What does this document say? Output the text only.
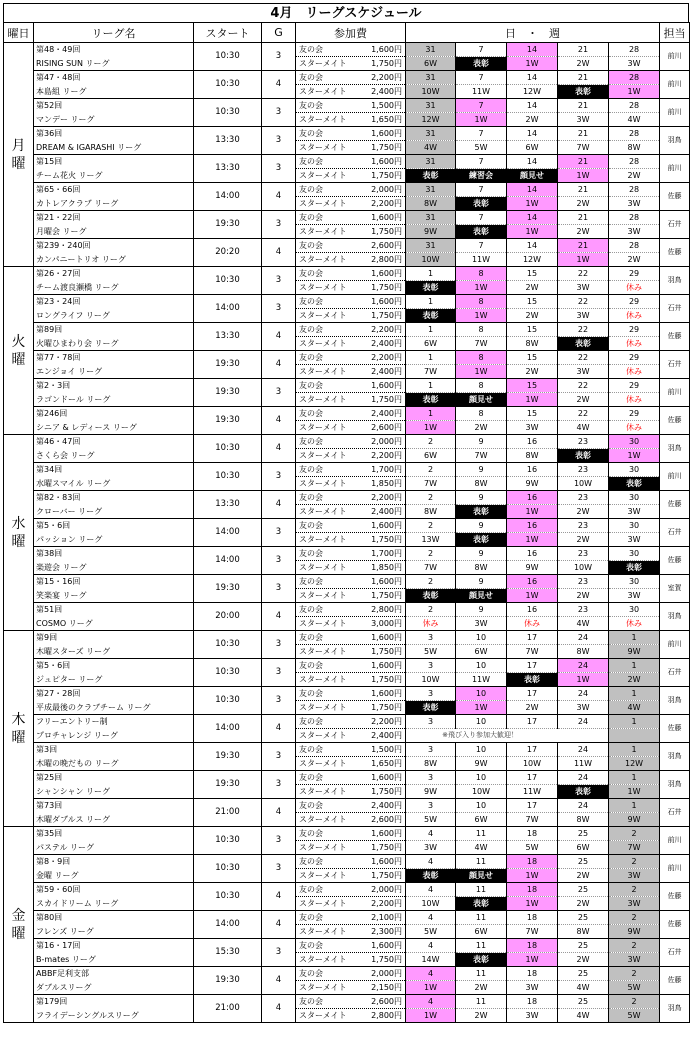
4月　リーグスケジュール
曜日	リーグ名	スタート	G	参加費	日　・　週					担当
月
曜	第48・49回	10:30	3	友の会 1,600円	31	7	14	21	28	前川
	RISING SUN リーグ			スターメイト 1,750円	6W	表彰	1W	2W	3W	
	第47・48回	10:30	4	友の会 2,200円	31	7	14	21	28	前川
	本島組 リーグ			スターメイト 2,400円	10W	11W	12W	表彰	1W	
	第52回	10:30	3	友の会 1,500円	31	7	14	21	28	前川
	マンデー リーグ			スターメイト 1,650円	12W	1W	2W	3W	4W	
	第36回	13:30	3	友の会 1,600円	31	7	14	21	28	羽鳥
	DREAM & IGARASHI リーグ			スターメイト 1,750円	4W	5W	6W	7W	8W	
	第15回	13:30	3	友の会 1,600円	31	7	14	21	28	前川
	チーム花火 リーグ			スターメイト 1,750円	表彰	練習会	顔見せ	1W	2W	
	第65・66回	14:00	4	友の会 2,000円	31	7	14	21	28	佐藤
	カトレアクラブ リーグ			スターメイト 2,200円	8W	表彰	1W	2W	3W	
	第21・22回	19:30	3	友の会 1,600円	31	7	14	21	28	石井
	月曜会 リーグ			スターメイト 1,750円	9W	表彰	1W	2W	3W	
	第239・240回	20:20	4	友の会 2,600円	31	7	14	21	28	佐藤
	カンパニートリオ リーグ			スターメイト 2,800円	10W	11W	12W	1W	2W	
火
曜	第26・27回	10:30	3	友の会 1,600円	1	8	15	22	29	羽鳥
	チーム渡良瀬橋 リーグ			スターメイト 1,750円	表彰	1W	2W	3W	休み	
	第23・24回	14:00	3	友の会 1,600円	1	8	15	22	29	石井
	ロングライフ リーグ			スターメイト 1,750円	表彰	1W	2W	3W	休み	
	第89回	13:30	4	友の会 2,200円	1	8	15	22	29	佐藤
	火曜ひまわり会 リーグ			スターメイト 2,400円	6W	7W	8W	表彰	休み	
	第77・78回	19:30	4	友の会 2,200円	1	8	15	22	29	石井
	エンジョイ リーグ			スターメイト 2,400円	7W	1W	2W	3W	休み	
	第2・3回	19:30	3	友の会 1,600円	1	8	15	22	29	前川
	ラゴンドール リーグ			スターメイト 1,750円	表彰	顔見せ	1W	2W	休み	
	第246回	19:30	4	友の会 2,400円	1	8	15	22	29	佐藤
	シニア & レディース リーグ			スターメイト 2,600円	1W	2W	3W	4W	休み	
水
曜	第46・47回	10:30	4	友の会 2,000円	2	9	16	23	30	羽鳥
	さくら会 リーグ			スターメイト 2,200円	6W	7W	8W	表彰	1W	
	第34回	10:30	3	友の会 1,700円	2	9	16	23	30	前川
	水曜スマイル リーグ			スターメイト 1,850円	7W	8W	9W	10W	表彰	
	第82・83回	13:30	4	友の会 2,200円	2	9	16	23	30	佐藤
	クローバー リーグ			スターメイト 2,400円	8W	表彰	1W	2W	3W	
	第5・6回	14:00	3	友の会 1,600円	2	9	16	23	30	石井
	パッション リーグ			スターメイト 1,750円	13W	表彰	1W	2W	3W	
	第38回	14:00	3	友の会 1,700円	2	9	16	23	30	佐藤
	楽遊会 リーグ			スターメイト 1,850円	7W	8W	9W	10W	表彰	
	第15・16回	19:30	3	友の会 1,600円	2	9	16	23	30	室賀
	笑楽宴 リーグ			スターメイト 1,750円	表彰	顔見せ	1W	2W	3W	
	第51回	20:00	4	友の会 2,800円	2	9	16	23	30	羽鳥
	COSMO リーグ			スターメイト 3,000円	休み	3W	休み	4W	休み	
木
曜	第9回	10:30	3	友の会 1,600円	3	10	17	24	1	前川
	木曜スターズ リーグ			スターメイト 1,750円	5W	6W	7W	8W	9W	
	第5・6回	10:30	3	友の会 1,600円	3	10	17	24	1	石井
	ジュピター リーグ			スターメイト 1,750円	10W	11W	表彰	1W	2W	
	第27・28回	10:30	3	友の会 1,600円	3	10	17	24	1	羽鳥
	平成最後のクラブチーム リーグ			スターメイト 1,750円	表彰	1W	2W	3W	4W	
	フリーエントリー制	14:00	4	友の会 2,200円	3	10	17	24	1	佐藤
	プロチャレンジ リーグ			スターメイト 2,400円	※飛び入り参加大歓迎！					
	第3回	19:30	3	友の会 1,500円	3	10	17	24	1	羽鳥
	木曜の晩だもの リーグ			スターメイト 1,650円	8W	9W	10W	11W	12W	
	第25回	19:30	3	友の会 1,600円	3	10	17	24	1	羽鳥
	シャンシャン リーグ			スターメイト 1,750円	9W	10W	11W	表彰	1W	
	第73回	21:00	4	友の会 2,400円	3	10	17	24	1	石井
	木曜ダブルス リーグ			スターメイト 2,600円	5W	6W	7W	8W	9W	
金
曜	第35回	10:30	3	友の会 1,600円	4	11	18	25	2	前川
	パステル リーグ			スターメイト 1,750円	3W	4W	5W	6W	7W	
	第8・9回	10:30	3	友の会 1,600円	4	11	18	25	2	前川
	金曜 リーグ			スターメイト 1,750円	表彰	顔見せ	1W	2W	3W	
	第59・60回	10:30	4	友の会 2,000円	4	11	18	25	2	佐藤
	スカイドリーム リーグ			スターメイト 2,200円	10W	表彰	1W	2W	3W	
	第80回	14:00	4	友の会 2,100円	4	11	18	25	2	佐藤
	フレンズ リーグ			スターメイト 2,300円	5W	6W	7W	8W	9W	
	第16・17回	15:30	3	友の会 1,600円	4	11	18	25	2	石井
	B-mates リーグ			スターメイト 1,750円	14W	表彰	1W	2W	3W	
	ABBF足利支部	19:30	4	友の会 2,000円	4	11	18	25	2	佐藤
	ダブルスリーグ			スターメイト 2,150円	1W	2W	3W	4W	5W	
	第179回	21:00	4	友の会 2,600円	4	11	18	25	2	羽鳥
	フライデーシングルスリーグ			スターメイト 2,800円	1W	2W	3W	4W	5W	
